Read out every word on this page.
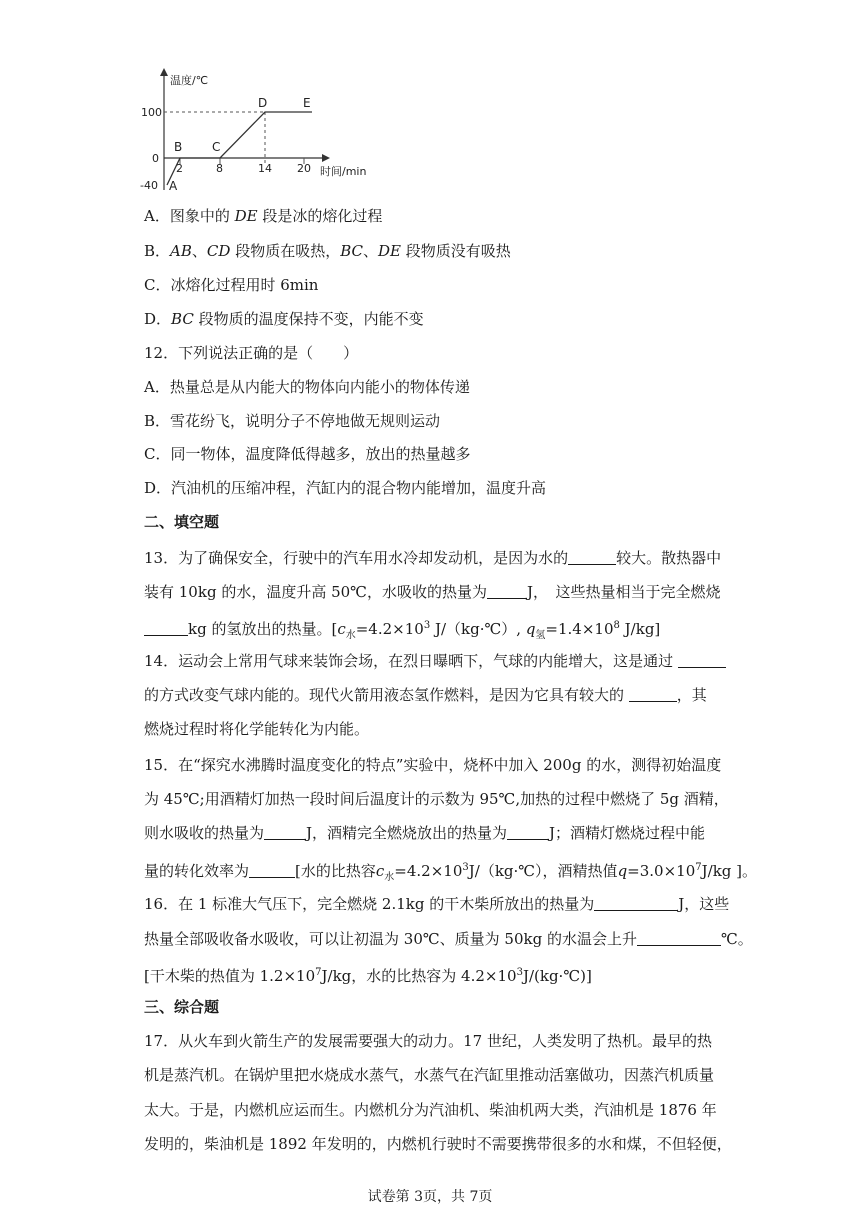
温度/℃
时间/min
100
0
-40
2	8	14 20
A
B C
D	E
A．图象中的 DE 段是冰的熔化过程
B．AB、CD 段物质在吸热，BC、DE 段物质没有吸热
C．冰熔化过程用时 6min
D．BC 段物质的温度保持不变，内能不变
12．下列说法正确的是（　　）
A．热量总是从内能大的物体向内能小的物体传递
B．雪花纷飞，说明分子不停地做无规则运动
C．同一物体，温度降低得越多，放出的热量越多
D．汽油机的压缩冲程，汽缸内的混合物内能增加，温度升高
二、填空题
13．为了确保安全，行驶中的汽车用水冷却发动机，是因为水的	较大。散热器中
装有 10kg 的水，温度升高 50℃，水吸收的热量为	J，　这些热量相当于完全燃烧
kg 的氢放出的热量。[$c_水=4.2\times 10^3$ J/（kg·℃）, $q_氢=1.4\times 10^8$ J/kg]
14．运动会上常用气球来装饰会场，在烈日曝晒下，气球的内能增大，这是通过
的方式改变气球内能的。现代火箭用液态氢作燃料，是因为它具有较大的	，其
燃烧过程时将化学能转化为内能。
15．在“探究水沸腾时温度变化的特点”实验中，烧杯中加入 200g 的水，测得初始温度
为 45℃;用酒精灯加热一段时间后温度计的示数为 95℃,加热的过程中燃烧了 5g 酒精，
则水吸收的热量为	J，酒精完全燃烧放出的热量为	J；酒精灯燃烧过程中能
量的转化效率为	[水的比热容$c_水=4.2\times 10^3J/(kg\cdot℃)$，酒精热值$q=3.0\times 10^7J/kg$ ]。
16．在 1 标准大气压下，完全燃烧 2.1kg 的干木柴所放出的热量为	J，这些
热量全部吸收备水吸收，可以让初温为 30℃、质量为 50kg 的水温会上升	℃。
[干木柴的热值为 $1.2\times 10^7J/kg$，水的比热容为 $4.2\times 10^3J/(kg\cdot℃)$]
三、综合题
17．从火车到火箭生产的发展需要强大的动力。17 世纪，人类发明了热机。最早的热
机是蒸汽机。在锅炉里把水烧成水蒸气，水蒸气在汽缸里推动活塞做功，因蒸汽机质量
太大。于是，内燃机应运而生。内燃机分为汽油机、柴油机两大类，汽油机是 1876 年
发明的，柴油机是 1892 年发明的，内燃机行驶时不需要携带很多的水和煤，不但轻便，
试卷第 3页，共 7页
